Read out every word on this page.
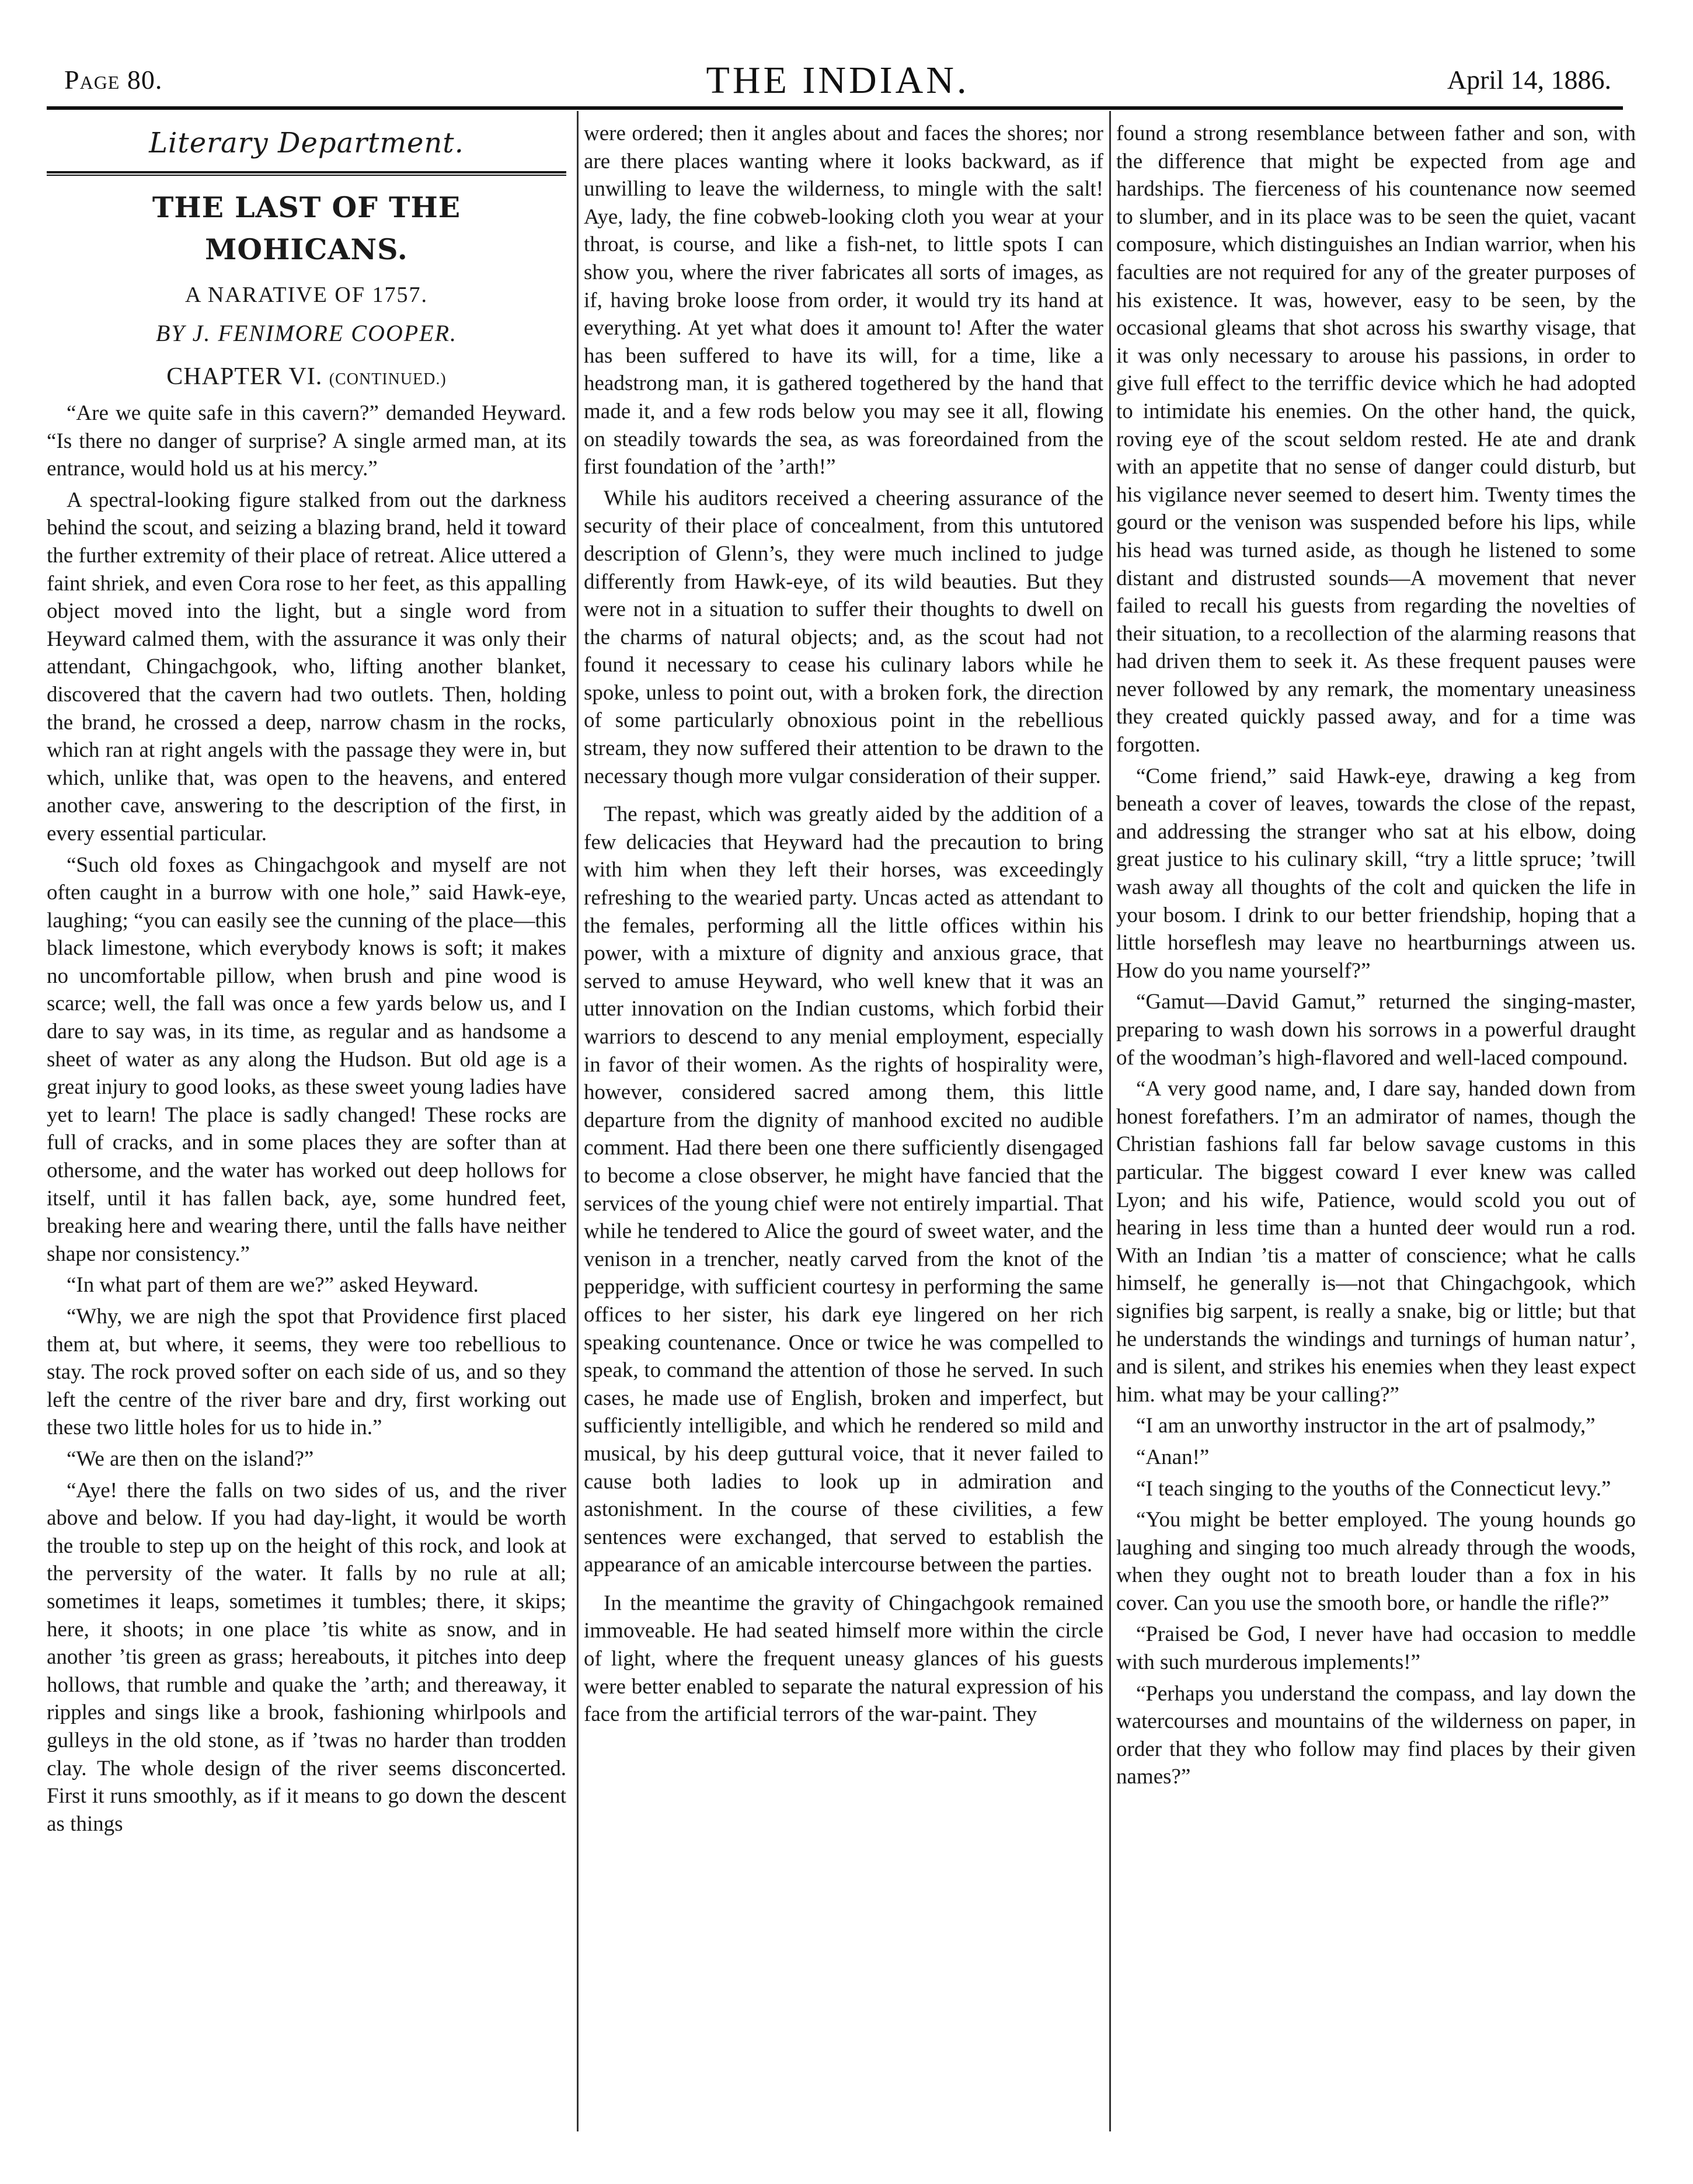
Page 80.	THE INDIAN.	April 14, 1886.
Literary Department.
THE LAST OF THE MOHICANS.
A NARATIVE OF 1757.
BY J. FENIMORE COOPER.
CHAPTER VI. (CONTINUED.)

“Are we quite safe in this cavern?” demanded Heyward. “Is there no danger of surprise? A single armed man, at its entrance, would hold us at his mercy.”

A spectral-looking figure stalked from out the darkness behind the scout, and seizing a blazing brand, held it toward the further extremity of their place of retreat. Alice uttered a faint shriek, and even Cora rose to her feet, as this appalling object moved into the light, but a single word from Heyward calmed them, with the assurance it was only their attendant, Chingachgook, who, lifting another blanket, discovered that the cavern had two outlets. Then, holding the brand, he crossed a deep, narrow chasm in the rocks, which ran at right angels with the passage they were in, but which, unlike that, was open to the heavens, and entered another cave, answering to the description of the first, in every essential particular.

“Such old foxes as Chingachgook and myself are not often caught in a burrow with one hole,” said Hawk-eye, laughing; “you can easily see the cunning of the place—this black limestone, which everybody knows is soft; it makes no uncomfortable pillow, when brush and pine wood is scarce; well, the fall was once a few yards below us, and I dare to say was, in its time, as regular and as handsome a sheet of water as any along the Hudson. But old age is a great injury to good looks, as these sweet young ladies have yet to learn! The place is sadly changed! These rocks are full of cracks, and in some places they are softer than at othersome, and the water has worked out deep hollows for itself, until it has fallen back, aye, some hundred feet, breaking here and wearing there, until the falls have neither shape nor consistency.”

“In what part of them are we?” asked Heyward.

“Why, we are nigh the spot that Providence first placed them at, but where, it seems, they were too rebellious to stay. The rock proved softer on each side of us, and so they left the centre of the river bare and dry, first working out these two little holes for us to hide in.”

“We are then on the island?”

“Aye! there the falls on two sides of us, and the river above and below. If you had day-light, it would be worth the trouble to step up on the height of this rock, and look at the perversity of the water. It falls by no rule at all; sometimes it leaps, sometimes it tumbles; there, it skips; here, it shoots; in one place ’tis white as snow, and in another ’tis green as grass; hereabouts, it pitches into deep hollows, that rumble and quake the ’arth; and thereaway, it ripples and sings like a brook, fashioning whirlpools and gulleys in the old stone, as if ’twas no harder than trodden clay. The whole design of the river seems disconcerted. First it runs smoothly, as if it means to go down the descent as things

were ordered; then it angles about and faces the shores; nor are there places wanting where it looks backward, as if unwilling to leave the wilderness, to mingle with the salt! Aye, lady, the fine cobweb-looking cloth you wear at your throat, is course, and like a fish-net, to little spots I can show you, where the river fabricates all sorts of images, as if, having broke loose from order, it would try its hand at everything. At yet what does it amount to! After the water has been suffered to have its will, for a time, like a headstrong man, it is gathered togethered by the hand that made it, and a few rods below you may see it all, flowing on steadily towards the sea, as was foreordained from the first foundation of the ’arth!”

While his auditors received a cheering assurance of the security of their place of concealment, from this untutored description of Glenn’s, they were much inclined to judge differently from Hawk-eye, of its wild beauties. But they were not in a situation to suffer their thoughts to dwell on the charms of natural objects; and, as the scout had not found it necessary to cease his culinary labors while he spoke, unless to point out, with a broken fork, the direction of some particularly obnoxious point in the rebellious stream, they now suffered their attention to be drawn to the necessary though more vulgar consideration of their supper.

The repast, which was greatly aided by the addition of a few delicacies that Heyward had the precaution to bring with him when they left their horses, was exceedingly refreshing to the wearied party. Uncas acted as attendant to the females, performing all the little offices within his power, with a mixture of dignity and anxious grace, that served to amuse Heyward, who well knew that it was an utter innovation on the Indian customs, which forbid their warriors to descend to any menial employment, especially in favor of their women. As the rights of hospirality were, however, considered sacred among them, this little departure from the dignity of manhood excited no audible comment. Had there been one there sufficiently disengaged to become a close observer, he might have fancied that the services of the young chief were not entirely impartial. That while he tendered to Alice the gourd of sweet water, and the venison in a trencher, neatly carved from the knot of the pepperidge, with sufficient courtesy in performing the same offices to her sister, his dark eye lingered on her rich speaking countenance. Once or twice he was compelled to speak, to command the attention of those he served. In such cases, he made use of English, broken and imperfect, but sufficiently intelligible, and which he rendered so mild and musical, by his deep guttural voice, that it never failed to cause both ladies to look up in admiration and astonishment. In the course of these civilities, a few sentences were exchanged, that served to establish the appearance of an amicable intercourse between the parties.

In the meantime the gravity of Chingachgook remained immoveable. He had seated himself more within the circle of light, where the frequent uneasy glances of his guests were better enabled to separate the natural expression of his face from the artificial terrors of the war-paint. They

found a strong resemblance between father and son, with the difference that might be expected from age and hardships. The fierceness of his countenance now seemed to slumber, and in its place was to be seen the quiet, vacant composure, which distinguishes an Indian warrior, when his faculties are not required for any of the greater purposes of his existence. It was, however, easy to be seen, by the occasional gleams that shot across his swarthy visage, that it was only necessary to arouse his passions, in order to give full effect to the terriffic device which he had adopted to intimidate his enemies. On the other hand, the quick, roving eye of the scout seldom rested. He ate and drank with an appetite that no sense of danger could disturb, but his vigilance never seemed to desert him. Twenty times the gourd or the venison was suspended before his lips, while his head was turned aside, as though he listened to some distant and distrusted sounds—A movement that never failed to recall his guests from regarding the novelties of their situation, to a recollection of the alarming reasons that had driven them to seek it. As these frequent pauses were never followed by any remark, the momentary uneasiness they created quickly passed away, and for a time was forgotten.

“Come friend,” said Hawk-eye, drawing a keg from beneath a cover of leaves, towards the close of the repast, and addressing the stranger who sat at his elbow, doing great justice to his culinary skill, “try a little spruce; ’twill wash away all thoughts of the colt and quicken the life in your bosom. I drink to our better friendship, hoping that a little horseflesh may leave no heartburnings atween us. How do you name yourself?”

“Gamut—David Gamut,” returned the singing-master, preparing to wash down his sorrows in a powerful draught of the woodman’s high-flavored and well-laced compound.

“A very good name, and, I dare say, handed down from honest forefathers. I’m an admirator of names, though the Christian fashions fall far below savage customs in this particular. The biggest coward I ever knew was called Lyon; and his wife, Patience, would scold you out of hearing in less time than a hunted deer would run a rod. With an Indian ’tis a matter of conscience; what he calls himself, he generally is—not that Chingachgook, which signifies big sarpent, is really a snake, big or little; but that he understands the windings and turnings of human natur’, and is silent, and strikes his enemies when they least expect him. what may be your calling?”

“I am an unworthy instructor in the art of psalmody,”

“Anan!”

“I teach singing to the youths of the Connecticut levy.”

“You might be better employed. The young hounds go laughing and singing too much already through the woods, when they ought not to breath louder than a fox in his cover. Can you use the smooth bore, or handle the rifle?”

“Praised be God, I never have had occasion to meddle with such murderous implements!”

“Perhaps you understand the compass, and lay down the watercourses and mountains of the wilderness on paper, in order that they who follow may find places by their given names?”
